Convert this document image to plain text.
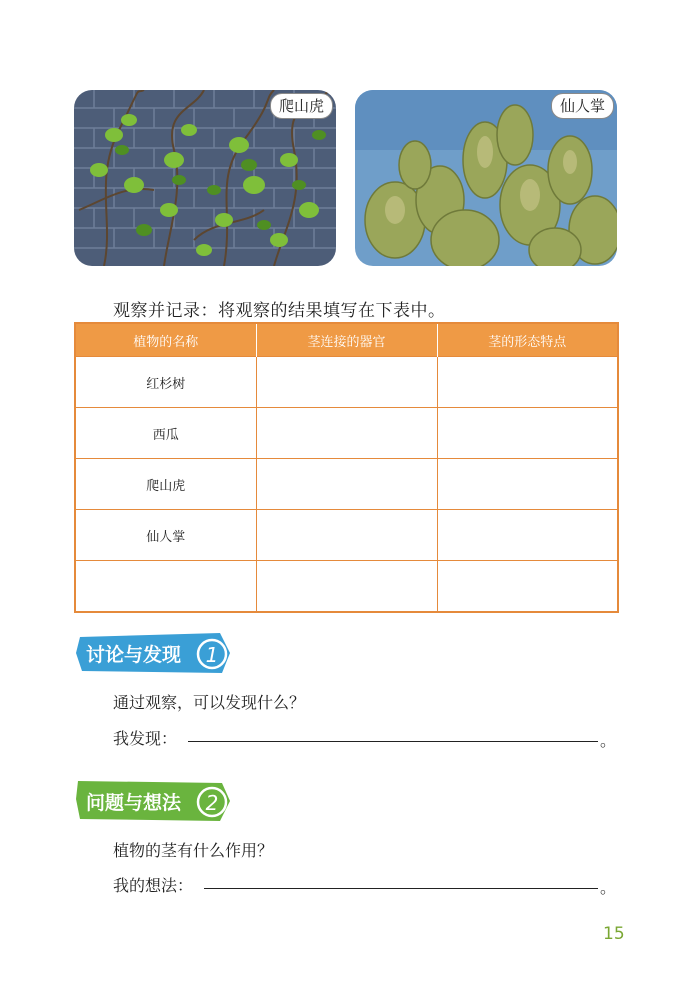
爬山虎	仙人掌
观察并记录：将观察的结果填写在下表中。
植物的名称	茎连接的器官	茎的形态特点
红杉树		
西瓜		
爬山虎		
仙人掌		

讨论与发现 1
通过观察，可以发现什么？
我发现：	。
问题与想法 2
植物的茎有什么作用？
我的想法：	。
15
